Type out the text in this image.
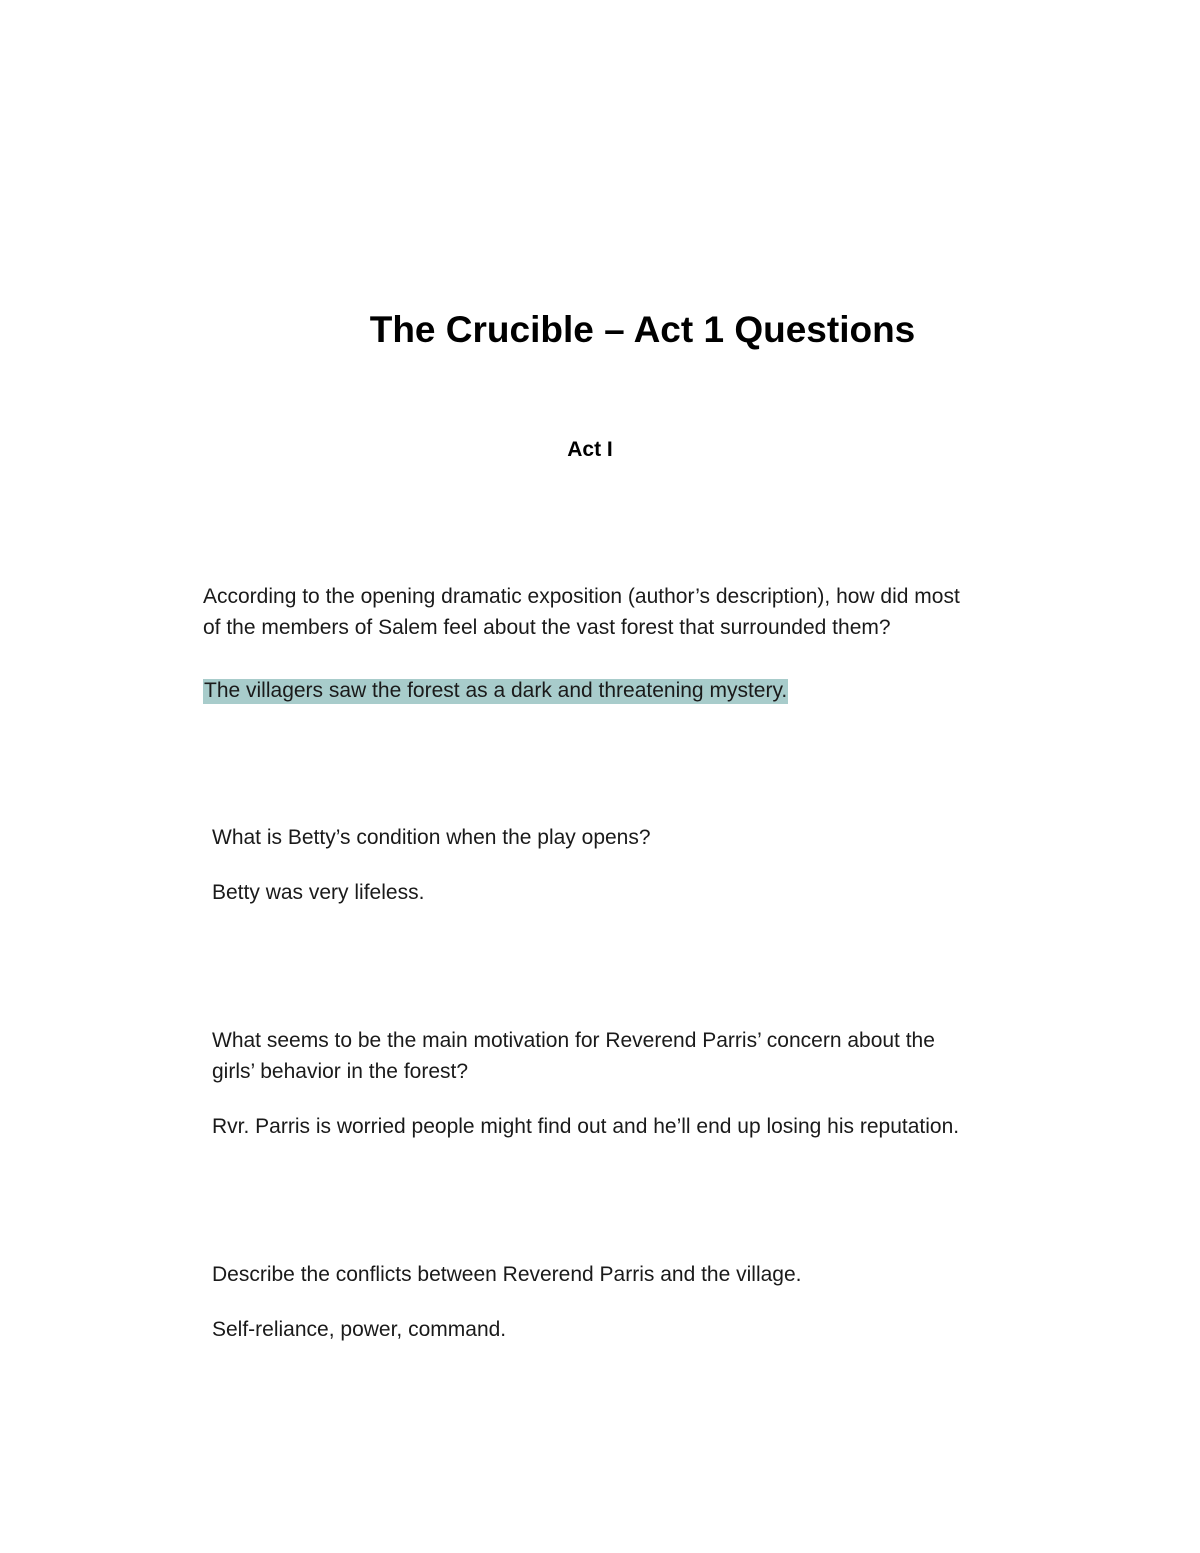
The Crucible – Act 1 Questions
Act I

According to the opening dramatic exposition (author’s description), how did most
of the members of Salem feel about the vast forest that surrounded them?

The villagers saw the forest as a dark and threatening mystery.

What is Betty’s condition when the play opens?

Betty was very lifeless.

What seems to be the main motivation for Reverend Parris’ concern about the
girls’ behavior in the forest?

Rvr. Parris is worried people might find out and he’ll end up losing his reputation.

Describe the conflicts between Reverend Parris and the village.

Self-reliance, power, command.
